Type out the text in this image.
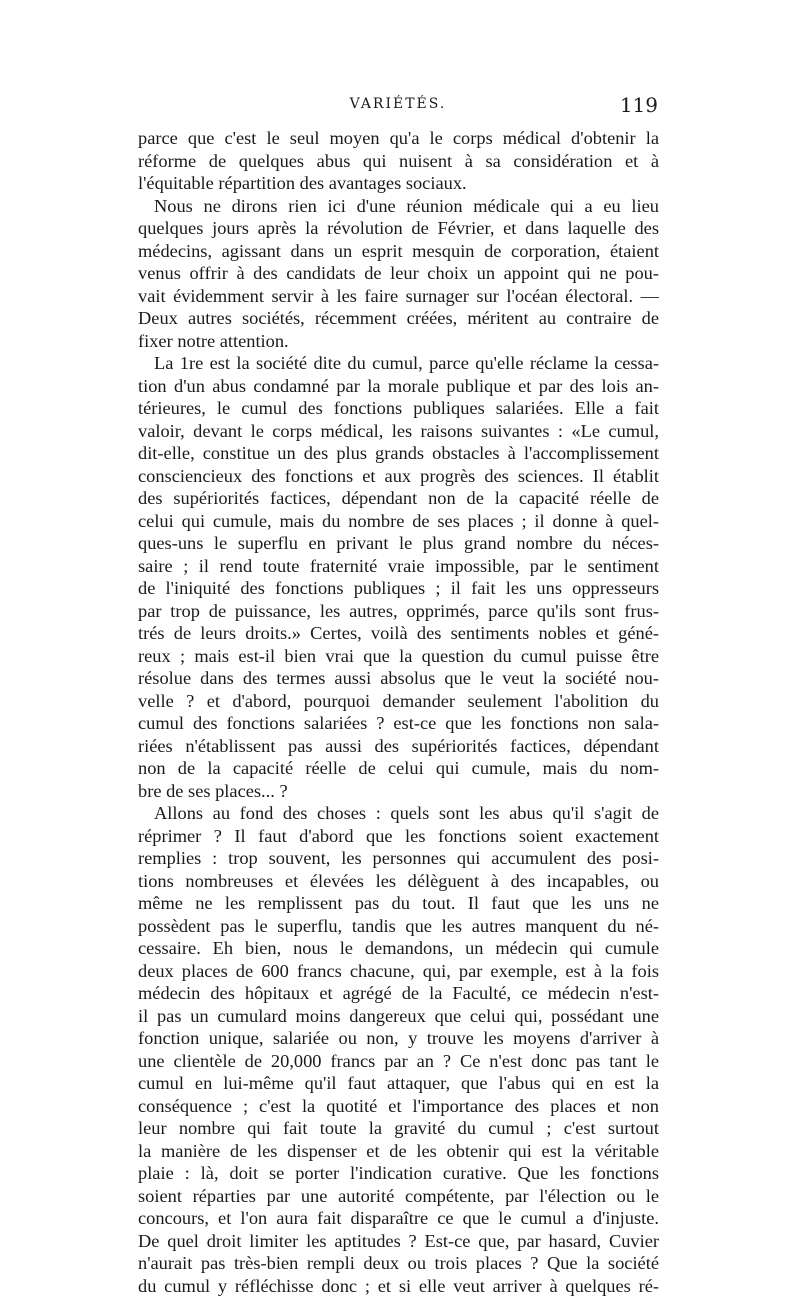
VARIÉTÉS.	119
parce que c'est le seul moyen qu'a le corps médical d'obtenir la
réforme de quelques abus qui nuisent à sa considération et à
l'équitable répartition des avantages sociaux.
Nous ne dirons rien ici d'une réunion médicale qui a eu lieu
quelques jours après la révolution de Février, et dans laquelle des
médecins, agissant dans un esprit mesquin de corporation, étaient
venus offrir à des candidats de leur choix un appoint qui ne pou-
vait évidemment servir à les faire surnager sur l'océan électoral. —
Deux autres sociétés, récemment créées, méritent au contraire de
fixer notre attention.
La 1re est la société dite du cumul, parce qu'elle réclame la cessa-
tion d'un abus condamné par la morale publique et par des lois an-
térieures, le cumul des fonctions publiques salariées. Elle a fait
valoir, devant le corps médical, les raisons suivantes : «Le cumul,
dit-elle, constitue un des plus grands obstacles à l'accomplissement
consciencieux des fonctions et aux progrès des sciences. Il établit
des supériorités factices, dépendant non de la capacité réelle de
celui qui cumule, mais du nombre de ses places ; il donne à quel-
ques-uns le superflu en privant le plus grand nombre du néces-
saire ; il rend toute fraternité vraie impossible, par le sentiment
de l'iniquité des fonctions publiques ; il fait les uns oppresseurs
par trop de puissance, les autres, opprimés, parce qu'ils sont frus-
trés de leurs droits.» Certes, voilà des sentiments nobles et géné-
reux ; mais est-il bien vrai que la question du cumul puisse être
résolue dans des termes aussi absolus que le veut la société nou-
velle ? et d'abord, pourquoi demander seulement l'abolition du
cumul des fonctions salariées ? est-ce que les fonctions non sala-
riées n'établissent pas aussi des supériorités factices, dépendant
non de la capacité réelle de celui qui cumule, mais du nom-
bre de ses places... ?
Allons au fond des choses : quels sont les abus qu'il s'agit de
réprimer ? Il faut d'abord que les fonctions soient exactement
remplies : trop souvent, les personnes qui accumulent des posi-
tions nombreuses et élevées les délèguent à des incapables, ou
même ne les remplissent pas du tout. Il faut que les uns ne
possèdent pas le superflu, tandis que les autres manquent du né-
cessaire. Eh bien, nous le demandons, un médecin qui cumule
deux places de 600 francs chacune, qui, par exemple, est à la fois
médecin des hôpitaux et agrégé de la Faculté, ce médecin n'est-
il pas un cumulard moins dangereux que celui qui, possédant une
fonction unique, salariée ou non, y trouve les moyens d'arriver à
une clientèle de 20,000 francs par an ? Ce n'est donc pas tant le
cumul en lui-même qu'il faut attaquer, que l'abus qui en est la
conséquence ; c'est la quotité et l'importance des places et non
leur nombre qui fait toute la gravité du cumul ; c'est surtout
la manière de les dispenser et de les obtenir qui est la véritable
plaie : là, doit se porter l'indication curative. Que les fonctions
soient réparties par une autorité compétente, par l'élection ou le
concours, et l'on aura fait disparaître ce que le cumul a d'injuste.
De quel droit limiter les aptitudes ? Est-ce que, par hasard, Cuvier
n'aurait pas très-bien rempli deux ou trois places ? Que la société
du cumul y réfléchisse donc ; et si elle veut arriver à quelques ré-
